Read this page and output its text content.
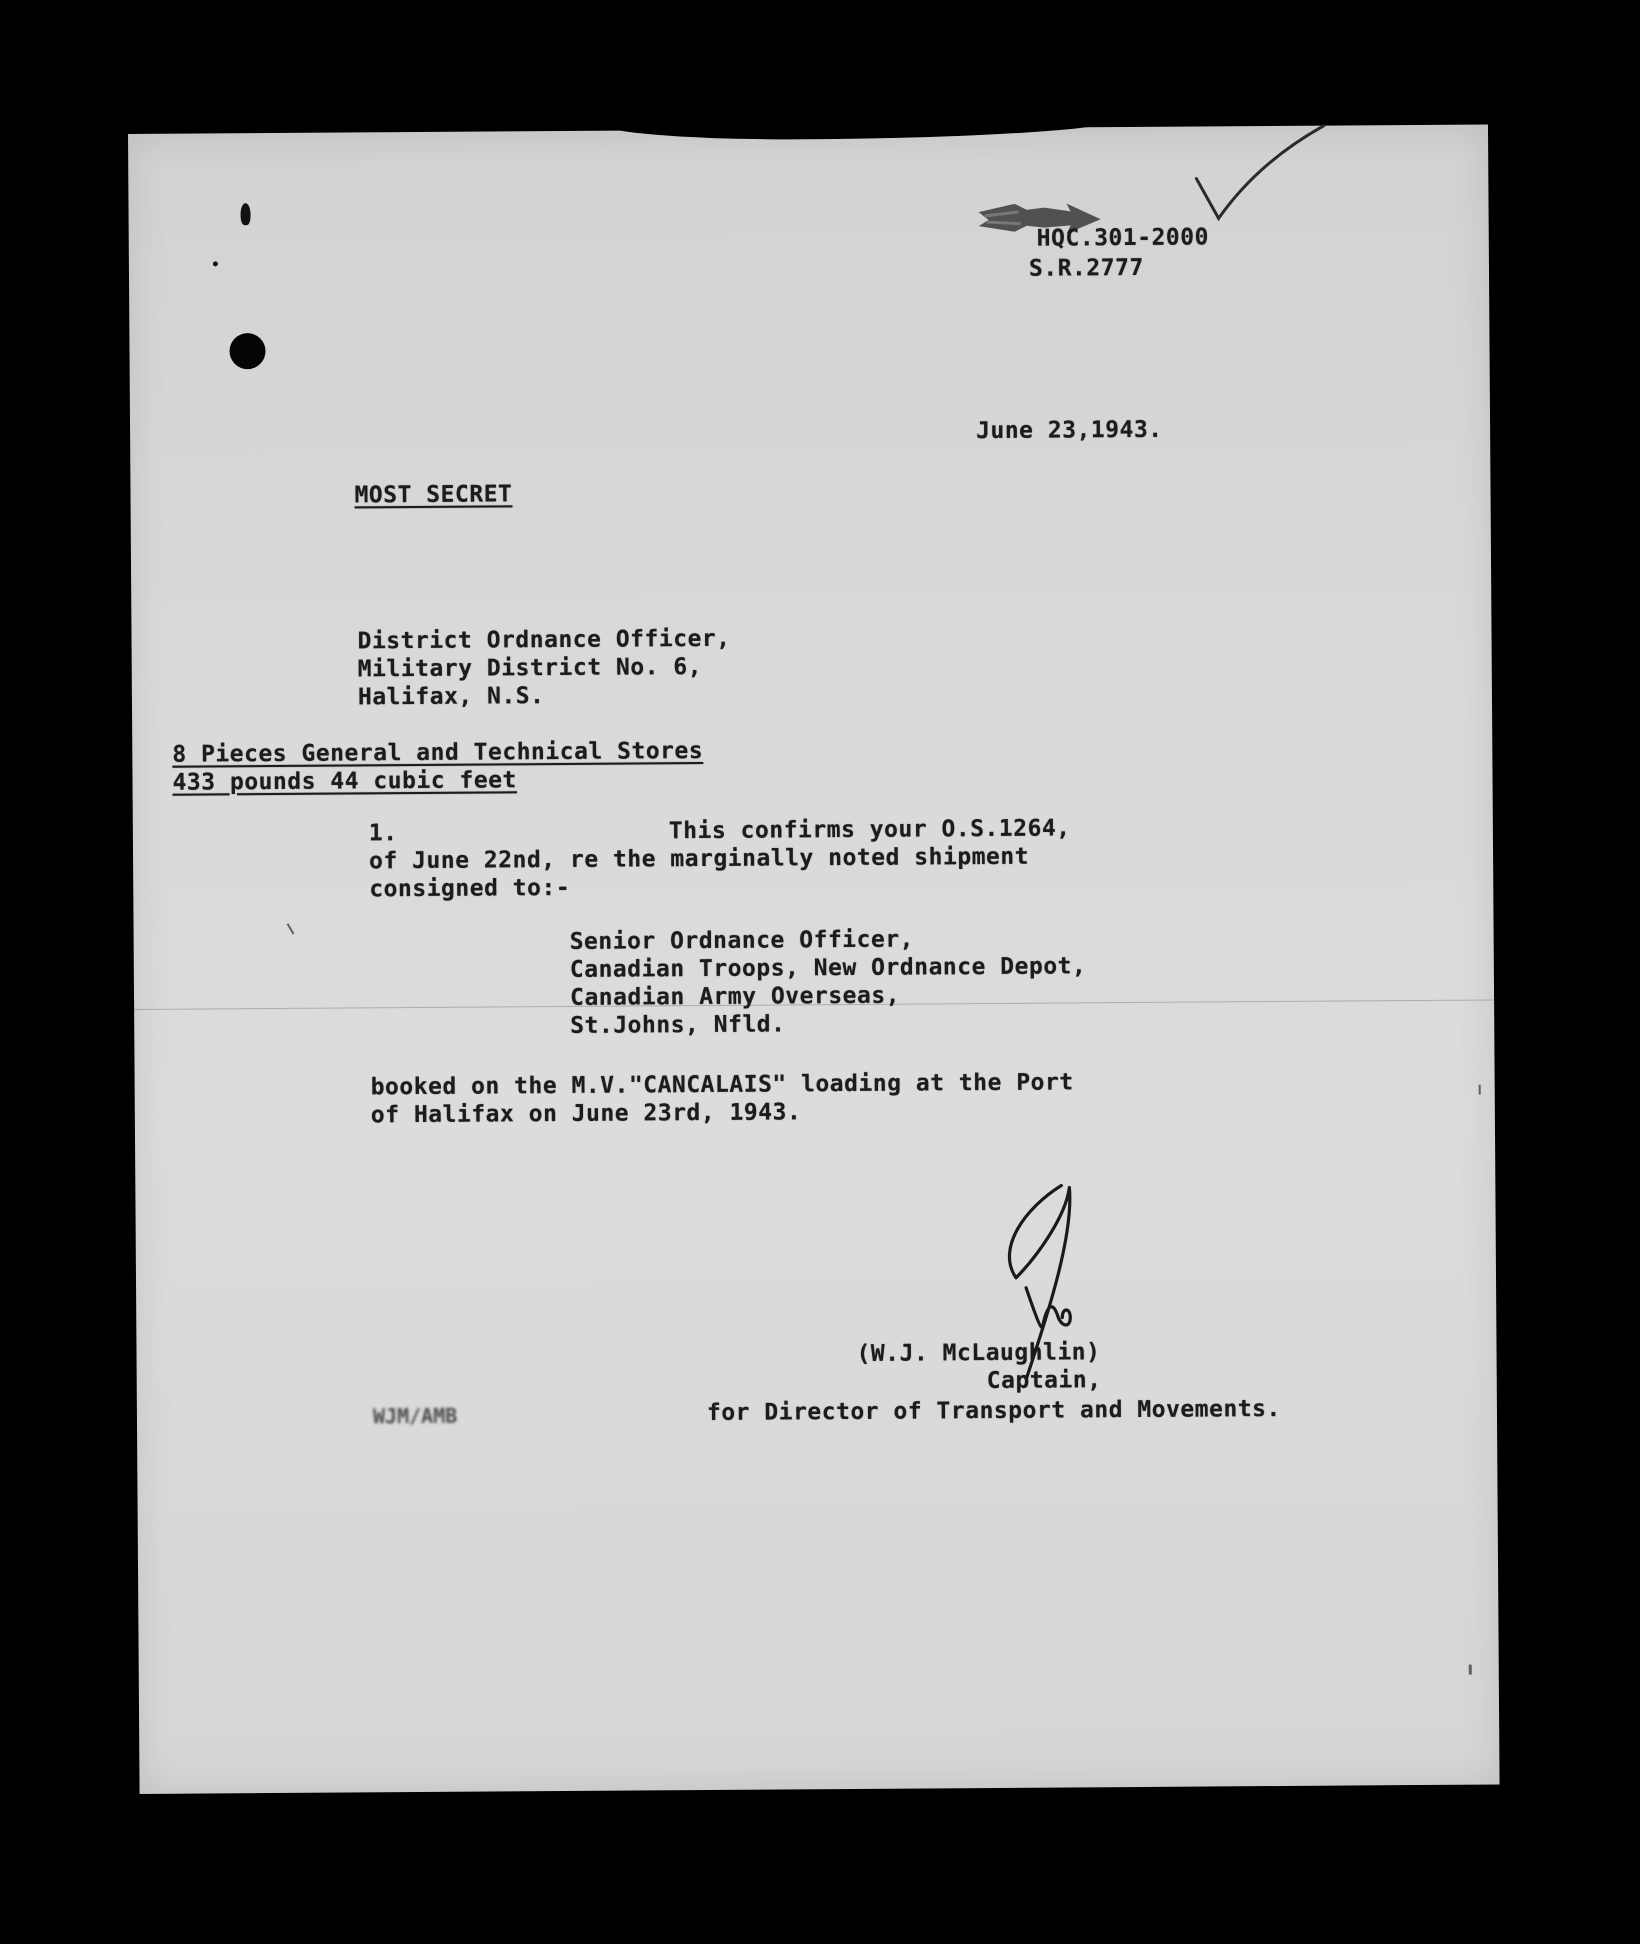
HQC.301-2000
S.R.2777
June 23,1943.
MOST SECRET
District Ordnance Officer,
Military District No. 6,
Halifax, N.S.
8 Pieces General and Technical Stores
433 pounds 44 cubic feet
1.	This confirms your O.S.1264,
of June 22nd, re the marginally noted shipment
consigned to:-
Senior Ordnance Officer,
Canadian Troops, New Ordnance Depot,
Canadian Army Overseas,
St.Johns, Nfld.
booked on the M.V."CANCALAIS" loading at the Port
of Halifax on June 23rd, 1943.
(W.J. McLaughlin)
Captain,
for Director of Transport and Movements.
WJM/AMB
